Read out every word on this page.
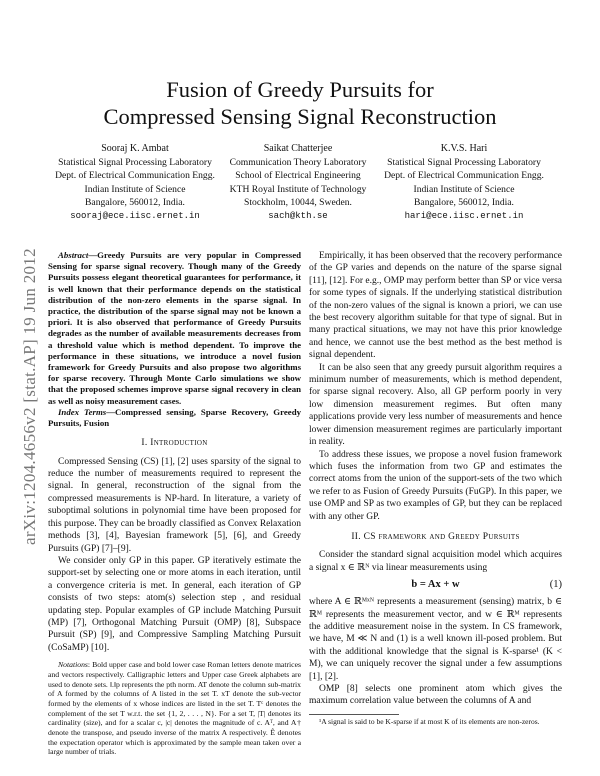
arXiv:1204.4656v2 [stat.AP] 19 Jun 2012
Fusion of Greedy Pursuits for
Compressed Sensing Signal Reconstruction
Sooraj K. Ambat
Statistical Signal Processing Laboratory
Dept. of Electrical Communication Engg.
Indian Institute of Science
Bangalore, 560012, India.
sooraj@ece.iisc.ernet.in
Saikat Chatterjee
Communication Theory Laboratory
School of Electrical Engineering
KTH Royal Institute of Technology
Stockholm, 10044, Sweden.
sach@kth.se
K.V.S. Hari
Statistical Signal Processing Laboratory
Dept. of Electrical Communication Engg.
Indian Institute of Science
Bangalore, 560012, India.
hari@ece.iisc.ernet.in

Abstract—Greedy Pursuits are very popular in Compressed Sensing for sparse signal recovery. Though many of the Greedy Pursuits possess elegant theoretical guarantees for performance, it is well known that their performance depends on the statistical distribution of the non-zero elements in the sparse signal. In practice, the distribution of the sparse signal may not be known a priori. It is also observed that performance of Greedy Pursuits degrades as the number of available measurements decreases from a threshold value which is method dependent. To improve the performance in these situations, we introduce a novel fusion framework for Greedy Pursuits and also propose two algorithms for sparse recovery. Through Monte Carlo simulations we show that the proposed schemes improve sparse signal recovery in clean as well as noisy measurement cases.

Index Terms—Compressed sensing, Sparse Recovery, Greedy Pursuits, Fusion

I. Introduction

Compressed Sensing (CS) [1], [2] uses sparsity of the signal to reduce the number of measurements required to represent the signal. In general, reconstruction of the signal from the compressed measurements is NP-hard. In literature, a variety of suboptimal solutions in polynomial time have been proposed for this purpose. They can be broadly classified as Convex Relaxation methods [3], [4], Bayesian framework [5], [6], and Greedy Pursuits (GP) [7]–[9].

We consider only GP in this paper. GP iteratively estimate the support-set by selecting one or more atoms in each iteration, until a convergence criteria is met. In general, each iteration of GP consists of two steps: atom(s) selection step , and residual updating step. Popular examples of GP include Matching Pursuit (MP) [7], Orthogonal Matching Pursuit (OMP) [8], Subspace Pursuit (SP) [9], and Compressive Sampling Matching Pursuit (CoSaMP) [10].

Notations: Bold upper case and bold lower case Roman letters denote matrices and vectors respectively. Calligraphic letters and Upper case Greek alphabets are used to denote sets. ‖.‖p represents the pth norm. AT denote the column sub-matrix of A formed by the columns of A listed in the set T. xT denote the sub-vector formed by the elements of x whose indices are listed in the set T. Tᶜ denotes the complement of the set T w.r.t. the set {1, 2, . . . , N}. For a set T, |T| denotes its cardinality (size), and for a scalar c, |c| denotes the magnitude of c. Aᵀ, and A† denote the transpose, and pseudo inverse of the matrix A respectively. Ê denotes the expectation operator which is approximated by the sample mean taken over a large number of trials.

Empirically, it has been observed that the recovery performance of the GP varies and depends on the nature of the sparse signal [11], [12]. For e.g., OMP may perform better than SP or vice versa for some types of signals. If the underlying statistical distribution of the non-zero values of the signal is known a priori, we can use the best recovery algorithm suitable for that type of signal. But in many practical situations, we may not have this prior knowledge and hence, we cannot use the best method as the best method is signal dependent.

It can be also seen that any greedy pursuit algorithm requires a minimum number of measurements, which is method dependent, for sparse signal recovery. Also, all GP perform poorly in very low dimension measurement regimes. But often many applications provide very less number of measurements and hence lower dimension measurement regimes are particularly important in reality.

To address these issues, we propose a novel fusion framework which fuses the information from two GP and estimates the correct atoms from the union of the support-sets of the two which we refer to as Fusion of Greedy Pursuits (FuGP). In this paper, we use OMP and SP as two examples of GP, but they can be replaced with any other GP.

II. CS framework and Greedy Pursuits

Consider the standard signal acquisition model which acquires a signal x ∈ ℝᴺ via linear measurements using

b = Ax + w	(1)

where A ∈ ℝᴹˣᴺ represents a measurement (sensing) matrix, b ∈ ℝᴹ represents the measurement vector, and w ∈ ℝᴹ represents the additive measurement noise in the system. In CS framework, we have, M ≪ N and (1) is a well known ill-posed problem. But with the additional knowledge that the signal is K-sparse¹ (K < M), we can uniquely recover the signal under a few assumptions [1], [2].

OMP [8] selects one prominent atom which gives the maximum correlation value between the columns of A and

¹A signal is said to be K-sparse if at most K of its elements are non-zeros.
